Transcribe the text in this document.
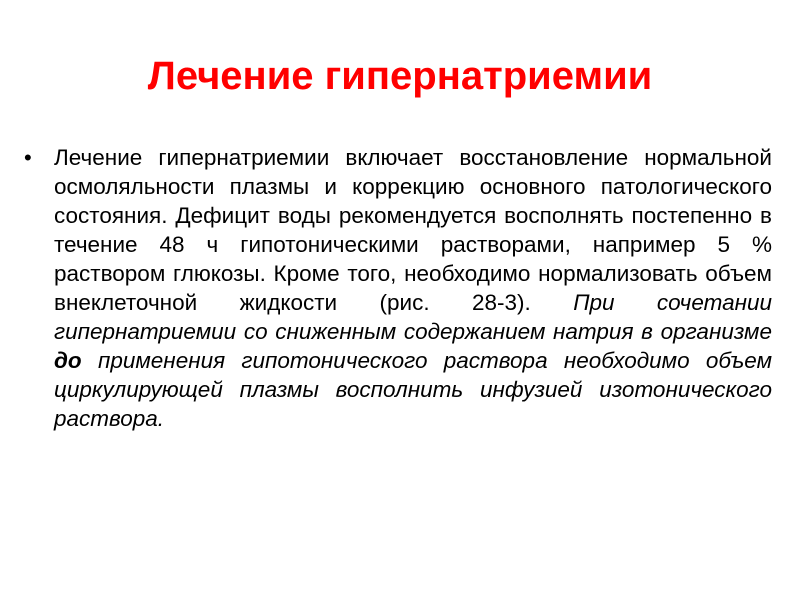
Лечение гипернатриемии
• Лечение гипернатриемии включает восстановление нормальной осмоляльности плазмы и коррекцию основного патологического состояния. Дефицит воды рекомендуется восполнять постепенно в течение 48 ч гипотоническими растворами, например 5 % раствором глюкозы. Кроме того, необходимо нормализовать объем внеклеточной жидкости (рис. 28-3). При сочетании гипернатриемии со сниженным содержанием натрия в организме до применения гипотонического раствора необходимо объем циркулирующей плазмы восполнить инфузией изотонического раствора.
